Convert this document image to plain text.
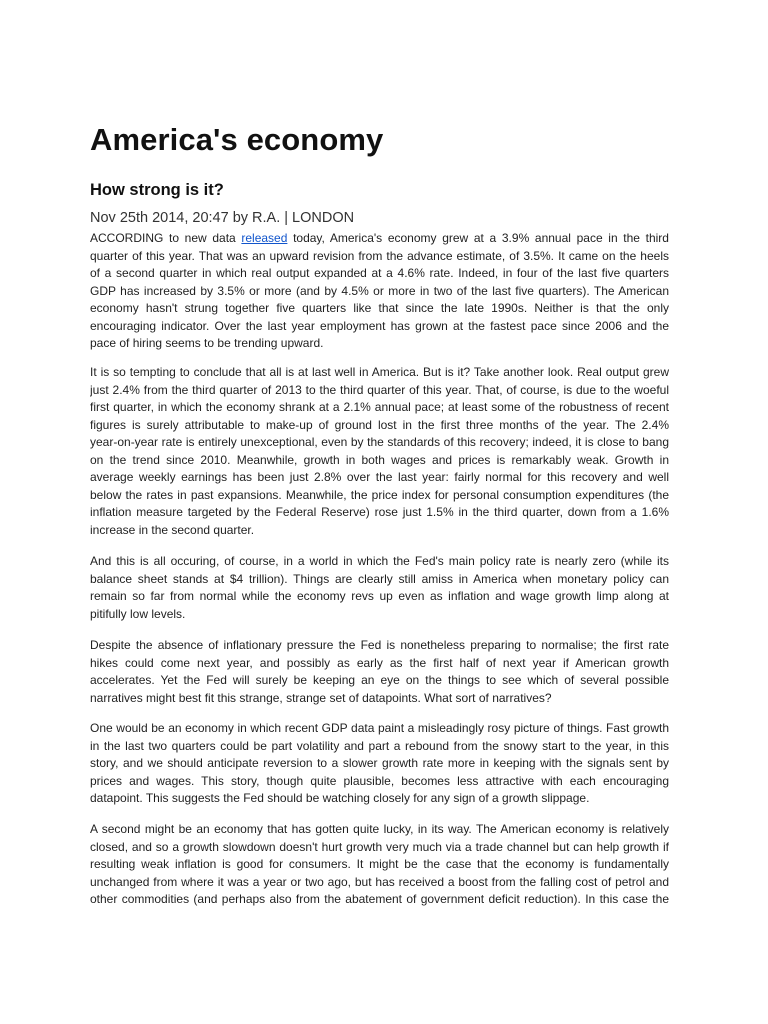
America's economy
How strong is it?
Nov 25th 2014, 20:47 by R.A. | LONDON

ACCORDING to new data released today, America's economy grew at a 3.9% annual pace in the third
quarter of this year. That was an upward revision from the advance estimate, of 3.5%. It came on the heels
of a second quarter in which real output expanded at a 4.6% rate. Indeed, in four of the last five quarters
GDP has increased by 3.5% or more (and by 4.5% or more in two of the last five quarters). The American
economy hasn't strung together five quarters like that since the late 1990s. Neither is that the only
encouraging indicator. Over the last year employment has grown at the fastest pace since 2006 and the
pace of hiring seems to be trending upward.

It is so tempting to conclude that all is at last well in America. But is it? Take another look. Real output grew
just 2.4% from the third quarter of 2013 to the third quarter of this year. That, of course, is due to the woeful
first quarter, in which the economy shrank at a 2.1% annual pace; at least some of the robustness of recent
figures is surely attributable to make-up of ground lost in the first three months of the year. The 2.4%
year-on-year rate is entirely unexceptional, even by the standards of this recovery; indeed, it is close to bang
on the trend since 2010. Meanwhile, growth in both wages and prices is remarkably weak. Growth in
average weekly earnings has been just 2.8% over the last year: fairly normal for this recovery and well
below the rates in past expansions. Meanwhile, the price index for personal consumption expenditures (the
inflation measure targeted by the Federal Reserve) rose just 1.5% in the third quarter, down from a 1.6%
increase in the second quarter.

And this is all occuring, of course, in a world in which the Fed's main policy rate is nearly zero (while its
balance sheet stands at $4 trillion). Things are clearly still amiss in America when monetary policy can
remain so far from normal while the economy revs up even as inflation and wage growth limp along at
pitifully low levels.

Despite the absence of inflationary pressure the Fed is nonetheless preparing to normalise; the first rate
hikes could come next year, and possibly as early as the first half of next year if American growth
accelerates. Yet the Fed will surely be keeping an eye on the things to see which of several possible
narratives might best fit this strange, strange set of datapoints. What sort of narratives?

One would be an economy in which recent GDP data paint a misleadingly rosy picture of things. Fast growth
in the last two quarters could be part volatility and part a rebound from the snowy start to the year, in this
story, and we should anticipate reversion to a slower growth rate more in keeping with the signals sent by
prices and wages. This story, though quite plausible, becomes less attractive with each encouraging
datapoint. This suggests the Fed should be watching closely for any sign of a growth slippage.

A second might be an economy that has gotten quite lucky, in its way. The American economy is relatively
closed, and so a growth slowdown doesn't hurt growth very much via a trade channel but can help growth if
resulting weak inflation is good for consumers. It might be the case that the economy is fundamentally
unchanged from where it was a year or two ago, but has received a boost from the falling cost of petrol and
other commodities (and perhaps also from the abatement of government deficit reduction). In this case the
